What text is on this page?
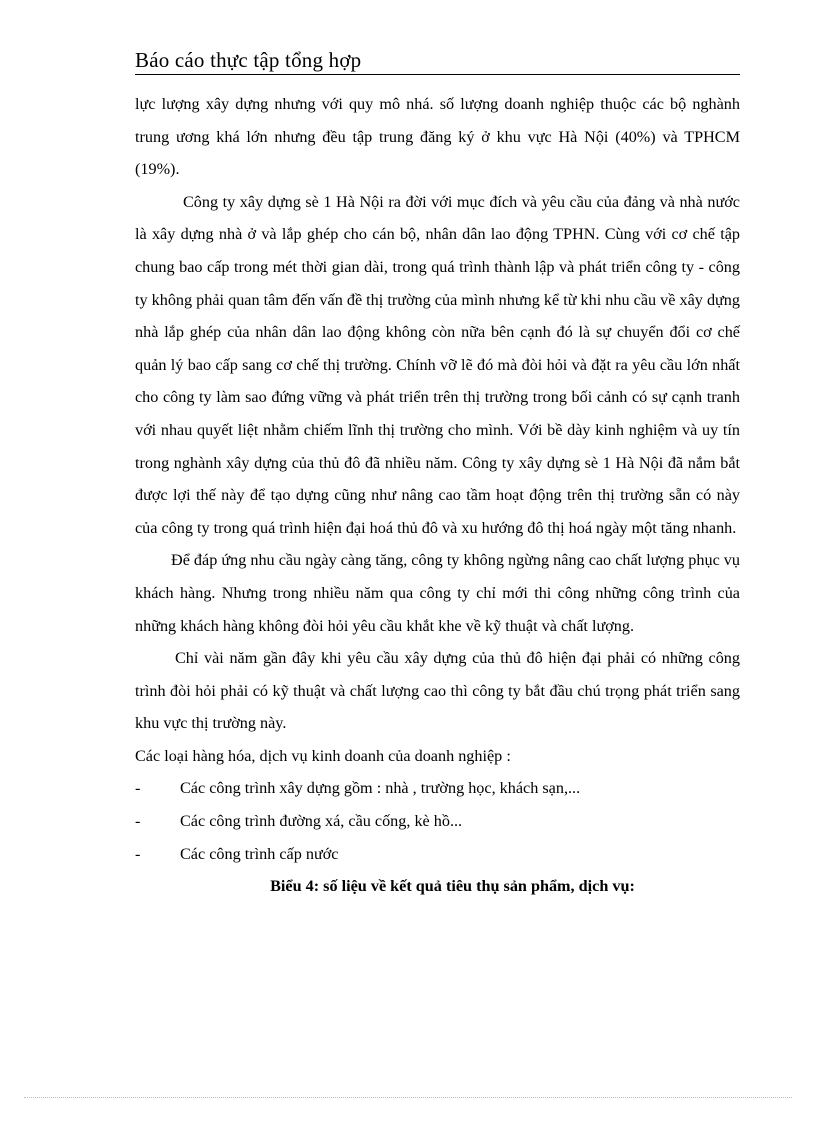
Báo cáo thực tập tổng hợp

lực lượng xây dựng nhưng với quy mô nhá. số lượng doanh nghiệp thuộc các bộ nghành trung ương khá lớn nhưng đều tập trung đăng ký ở khu vực Hà Nội (40%) và TPHCM (19%).

Công ty xây dựng sè 1 Hà Nội ra đời với mục đích và yêu cầu của đảng và nhà nước là xây dựng nhà ở và lắp ghép cho cán bộ, nhân dân lao động TPHN. Cùng với cơ chế tập chung bao cấp trong mét thời gian dài, trong quá trình thành lập và phát triển công ty - công ty không phải quan tâm đến vấn đề thị trường của mình nhưng kể từ khi nhu cầu về xây dựng nhà lắp ghép của nhân dân lao động không còn nữa bên cạnh đó là sự chuyển đổi cơ chế quản lý bao cấp sang cơ chế thị trường. Chính vỡ lẽ đó mà đòi hỏi và đặt ra yêu cầu lớn nhất cho công ty làm sao đứng vững và phát triển trên thị trường trong bối cảnh có sự cạnh tranh với nhau quyết liệt nhằm chiếm lĩnh thị trường cho mình. Với bề dày kinh nghiệm và uy tín trong nghành xây dựng của thủ đô đã nhiều năm. Công ty xây dựng sè 1 Hà Nội đã nắm bắt được lợi thế này để tạo dựng cũng như nâng cao tầm hoạt động trên thị trường sẵn có này của công ty trong quá trình hiện đại hoá thủ đô và xu hướng đô thị hoá ngày một tăng nhanh.

Để đáp ứng nhu cầu ngày càng tăng, công ty không ngừng nâng cao chất lượng phục vụ khách hàng. Nhưng trong nhiều năm qua công ty chỉ mới thi công những công trình của những khách hàng không đòi hỏi yêu cầu khắt khe về kỹ thuật và chất lượng.

Chỉ vài năm gần đây khi yêu cầu xây dựng của thủ đô hiện đại phải có những công trình đòi hỏi phải có kỹ thuật và chất lượng cao thì công ty bắt đầu chú trọng phát triển sang khu vực thị trường này.

Các loại hàng hóa, dịch vụ kinh doanh của doanh nghiệp :

-	Các công trình xây dựng gồm : nhà , trường học, khách sạn,...
-	Các công trình đường xá, cầu cống, kè hồ...
-	Các công trình cấp nước

Biểu 4: số liệu về kết quả tiêu thụ sản phẩm, dịch vụ:
